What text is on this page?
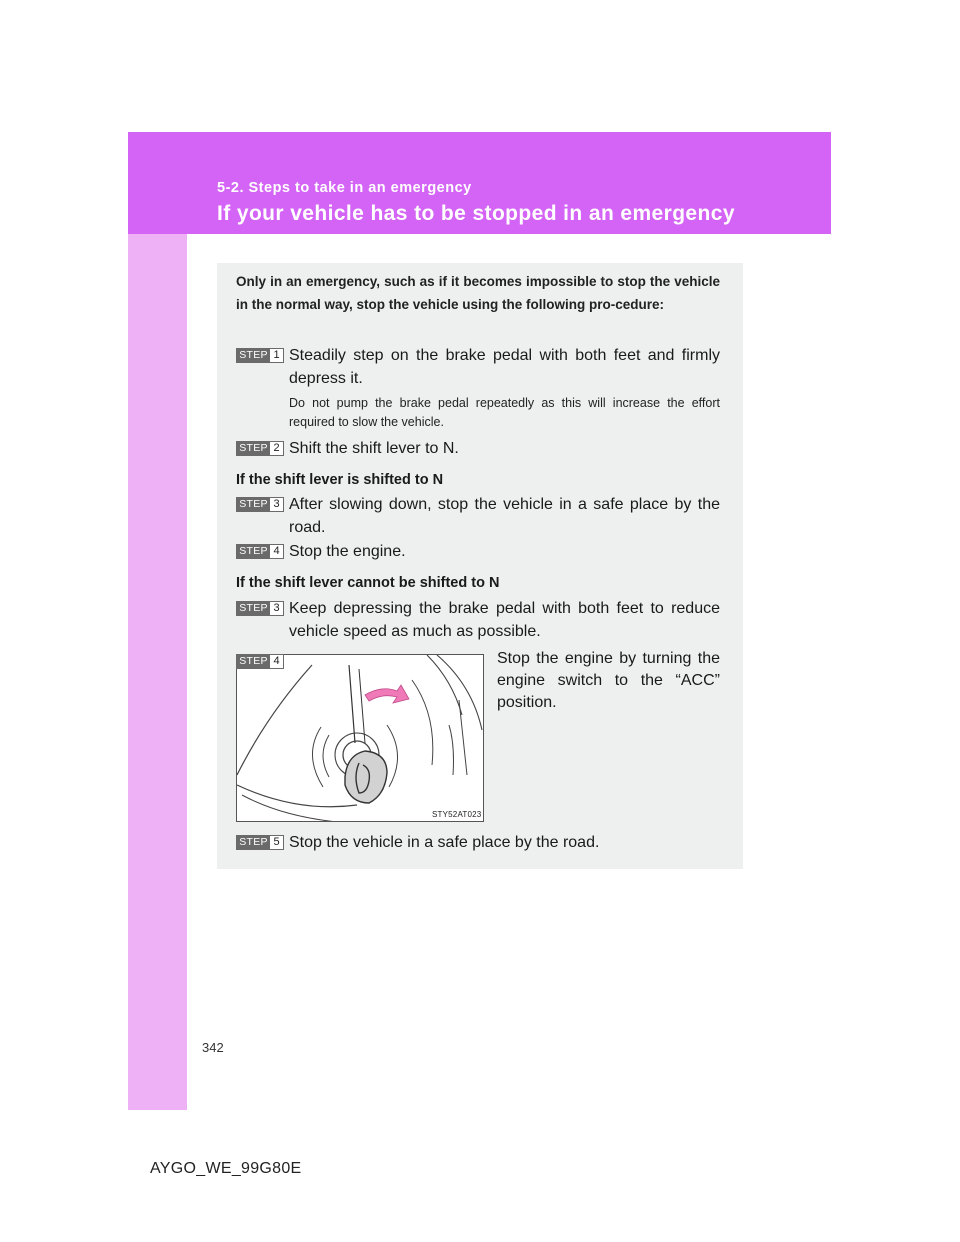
5-2. Steps to take in an emergency
If your vehicle has to be stopped in an emergency
Only in an emergency, such as if it becomes impossible to stop the vehicle in the normal way, stop the vehicle using the following pro-cedure:
STEP 1 Steadily step on the brake pedal with both feet and firmly depress it.
Do not pump the brake pedal repeatedly as this will increase the effort required to slow the vehicle.
STEP 2 Shift the shift lever to N.
If the shift lever is shifted to N
STEP 3 After slowing down, stop the vehicle in a safe place by the road.
STEP 4 Stop the engine.
If the shift lever cannot be shifted to N
STEP 3 Keep depressing the brake pedal with both feet to reduce vehicle speed as much as possible.
STY52AT023
STEP 4	Stop the engine by turning the engine switch to the “ACC” position.
STEP 5 Stop the vehicle in a safe place by the road.
342
AYGO_WE_99G80E
